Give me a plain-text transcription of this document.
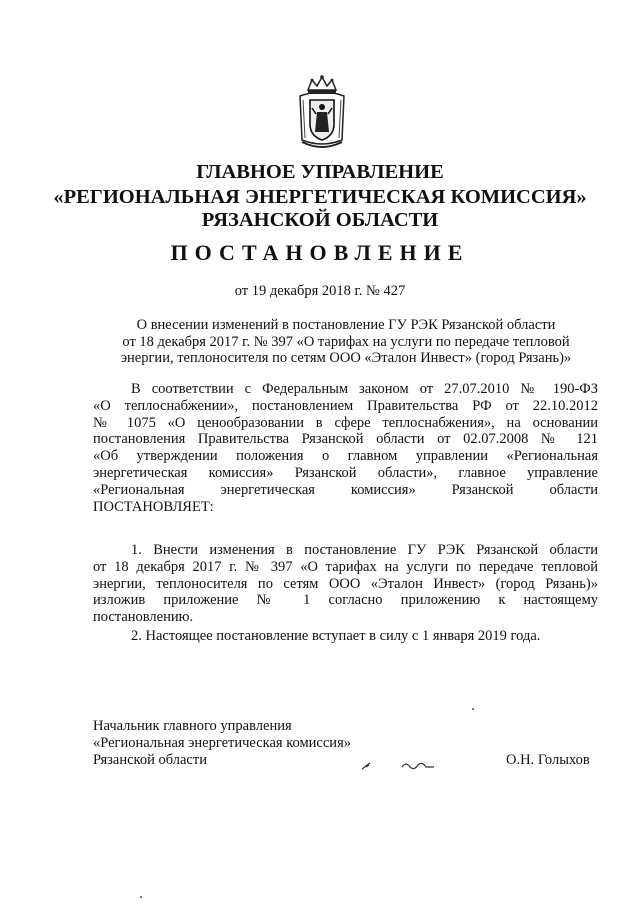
ГЛАВНОЕ УПРАВЛЕНИЕ
«РЕГИОНАЛЬНАЯ ЭНЕРГЕТИЧЕСКАЯ КОМИССИЯ»
РЯЗАНСКОЙ ОБЛАСТИ
ПОСТАНОВЛЕНИЕ
от 19 декабря 2018 г. № 427
О внесении изменений в постановление ГУ РЭК Рязанской области
от 18 декабря 2017 г. № 397 «О тарифах на услуги по передаче тепловой
энергии, теплоносителя по сетям ООО «Эталон Инвест» (город Рязань)»
В соответствии с Федеральным законом от 27.07.2010 № 190-ФЗ
«О теплоснабжении», постановлением Правительства РФ от 22.10.2012
№ 1075 «О ценообразовании в сфере теплоснабжения», на основании
постановления Правительства Рязанской области от 02.07.2008 № 121
«Об утверждении положения о главном управлении «Региональная
энергетическая комиссия» Рязанской области», главное управление
«Региональная энергетическая комиссия» Рязанской области
ПОСТАНОВЛЯЕТ:
1. Внести изменения в постановление ГУ РЭК Рязанской области
от 18 декабря 2017 г. № 397 «О тарифах на услуги по передаче тепловой
энергии, теплоносителя по сетям ООО «Эталон Инвест» (город Рязань)»
изложив приложение № 1 согласно приложению к настоящему
постановлению.
2. Настоящее постановление вступает в силу с 1 января 2019 года.
Начальник главного управления
«Региональная энергетическая комиссия»
Рязанской области	О.Н. Голыхов
